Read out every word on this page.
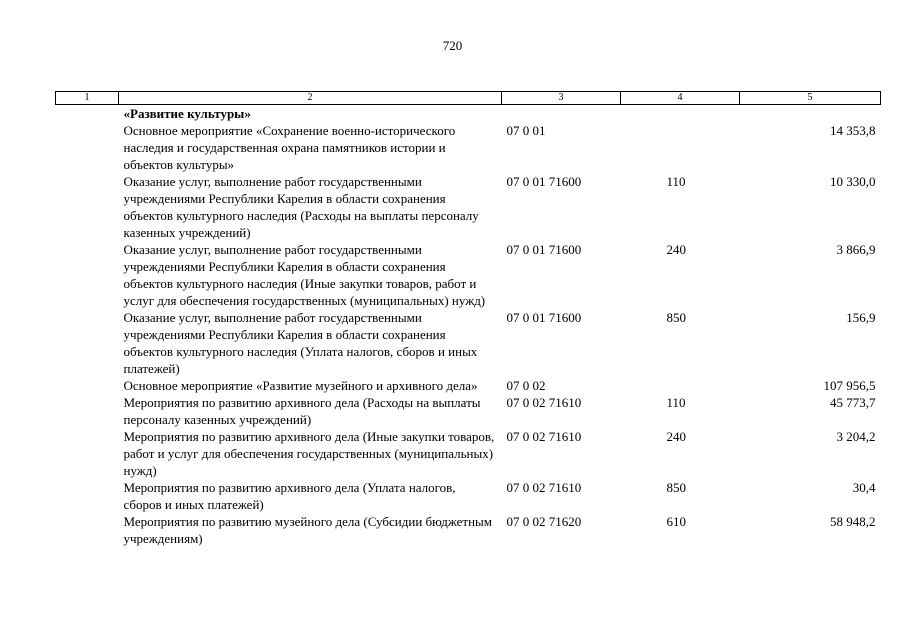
720
1	2	3	4	5
	«Развитие культуры»			
	Основное мероприятие «Сохранение военно-исторического наследия и государственная охрана памятников истории и объектов культуры»	07 0 01		14 353,8
	Оказание услуг, выполнение работ государственными учреждениями Республики Карелия в области сохранения объектов культурного наследия (Расходы на выплаты персоналу казенных учреждений)	07 0 01 71600	110	10 330,0
	Оказание услуг, выполнение работ государственными учреждениями Республики Карелия в области сохранения объектов культурного наследия (Иные закупки товаров, работ и услуг для обеспечения государственных (муниципальных) нужд)	07 0 01 71600	240	3 866,9
	Оказание услуг, выполнение работ государственными учреждениями Республики Карелия в области сохранения объектов культурного наследия (Уплата налогов, сборов и иных платежей)	07 0 01 71600	850	156,9
	Основное мероприятие «Развитие музейного и архивного дела»	07 0 02		107 956,5
	Мероприятия по развитию архивного дела (Расходы на выплаты персоналу казенных учреждений)	07 0 02 71610	110	45 773,7
	Мероприятия по развитию архивного дела (Иные закупки товаров, работ и услуг для обеспечения государственных (муниципальных) нужд)	07 0 02 71610	240	3 204,2
	Мероприятия по развитию архивного дела (Уплата налогов, сборов и иных платежей)	07 0 02 71610	850	30,4
	Мероприятия по развитию музейного дела (Субсидии бюджетным учреждениям)	07 0 02 71620	610	58 948,2
